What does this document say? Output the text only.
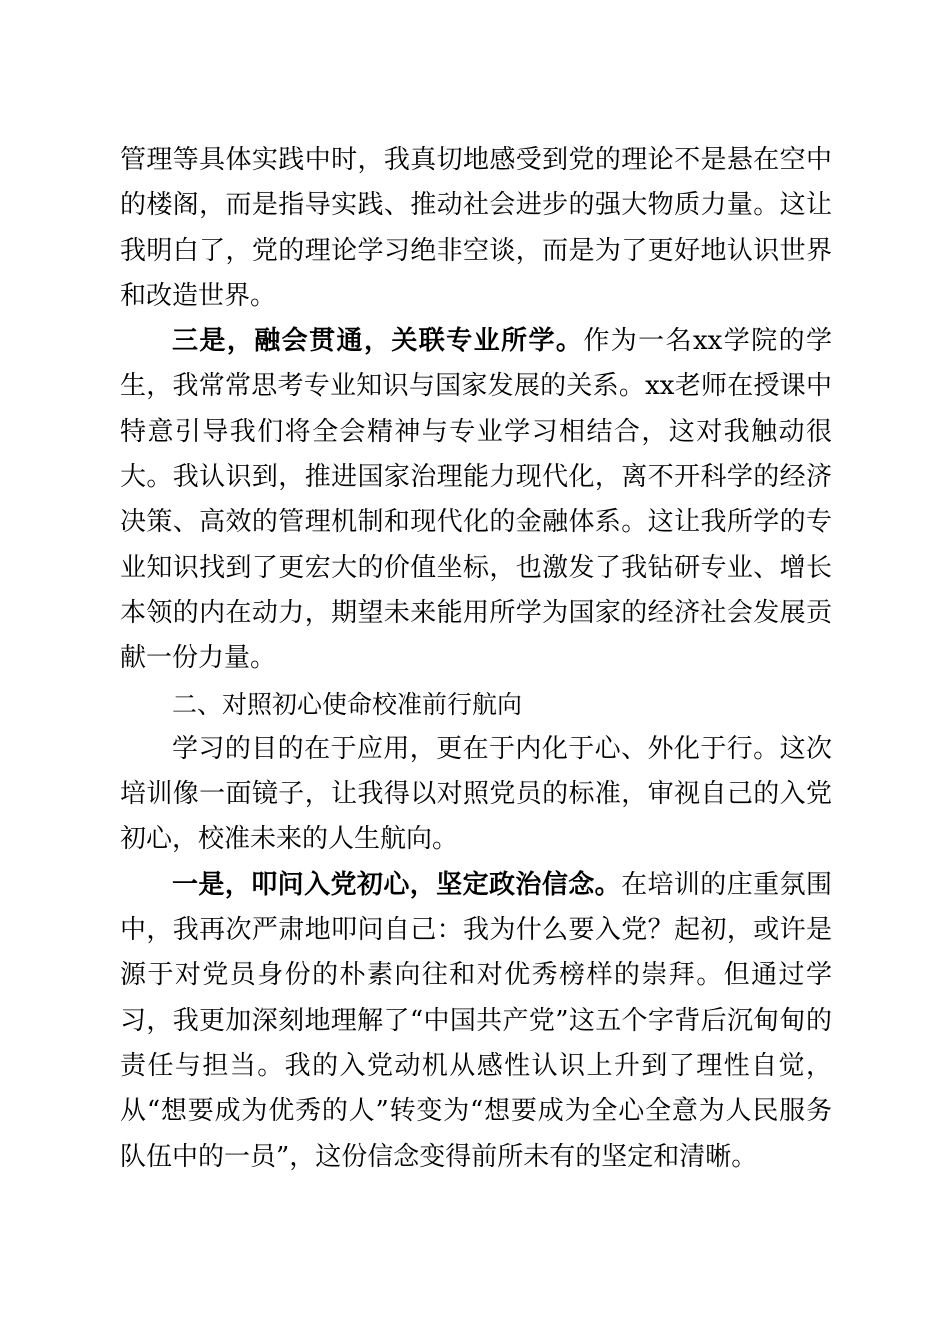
管理等具体实践中时，我真切地感受到党的理论不是悬在空中的楼阁，而是指导实践、推动社会进步的强大物质力量。这让我明白了，党的理论学习绝非空谈，而是为了更好地认识世界和改造世界。

三是，融会贯通，关联专业所学。作为一名xx学院的学生，我常常思考专业知识与国家发展的关系。xx老师在授课中特意引导我们将全会精神与专业学习相结合，这对我触动很大。我认识到，推进国家治理能力现代化，离不开科学的经济决策、高效的管理机制和现代化的金融体系。这让我所学的专业知识找到了更宏大的价值坐标，也激发了我钻研专业、增长本领的内在动力，期望未来能用所学为国家的经济社会发展贡献一份力量。

二、对照初心使命校准前行航向

学习的目的在于应用，更在于内化于心、外化于行。这次培训像一面镜子，让我得以对照党员的标准，审视自己的入党初心，校准未来的人生航向。

一是，叩问入党初心，坚定政治信念。在培训的庄重氛围中，我再次严肃地叩问自己：我为什么要入党？起初，或许是源于对党员身份的朴素向往和对优秀榜样的崇拜。但通过学习，我更加深刻地理解了“中国共产党”这五个字背后沉甸甸的责任与担当。我的入党动机从感性认识上升到了理性自觉，从“想要成为优秀的人”转变为“想要成为全心全意为人民服务队伍中的一员”，这份信念变得前所未有的坚定和清晰。
